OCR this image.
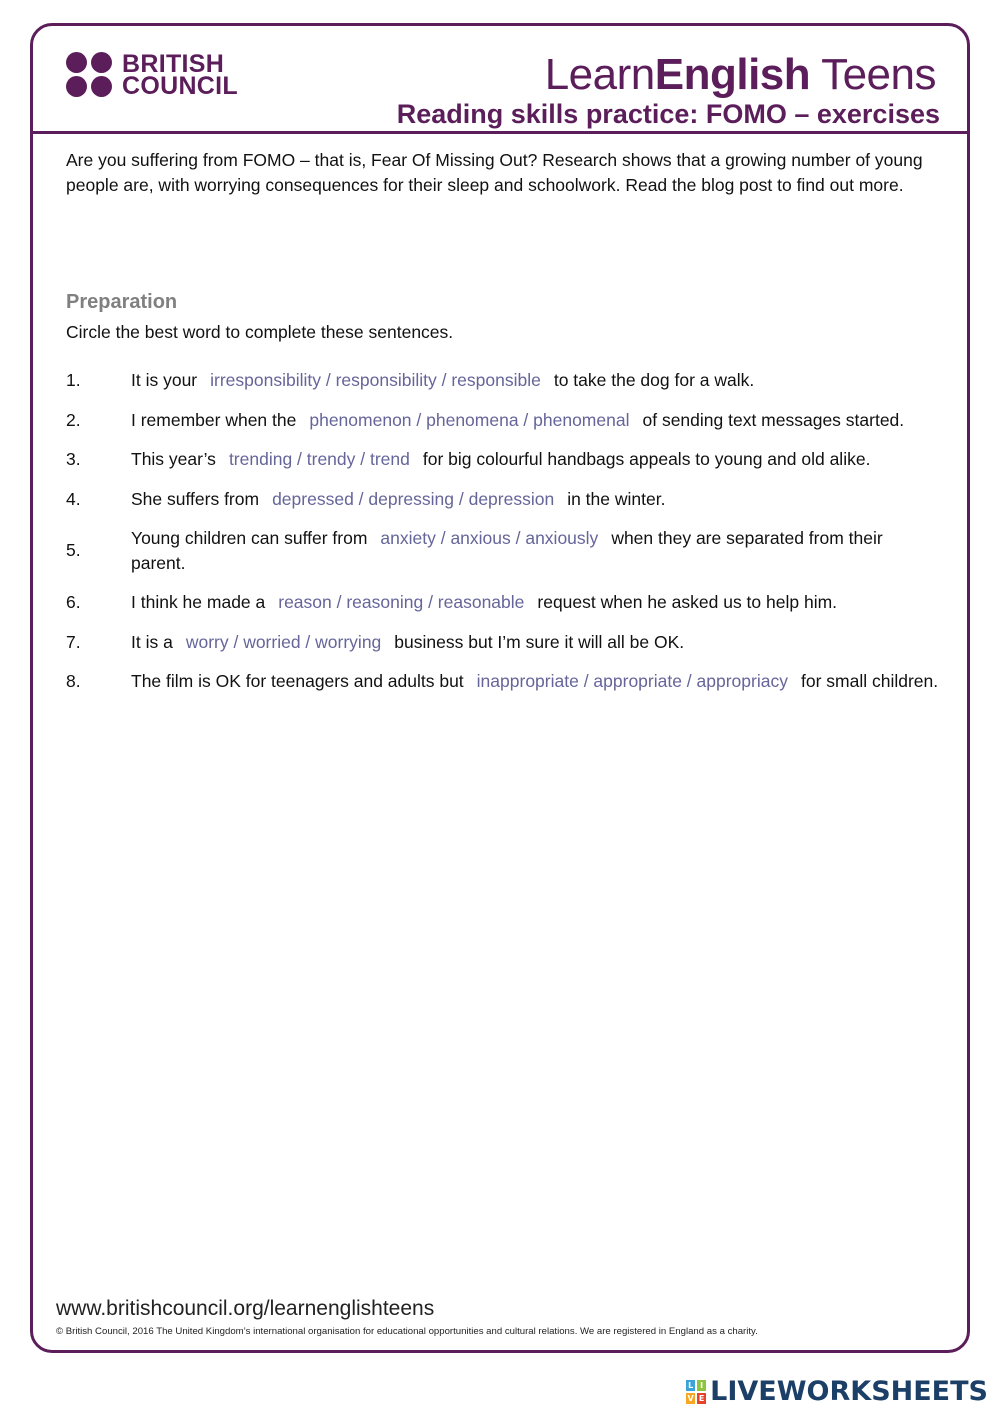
BRITISH
COUNCIL	LearnEnglish Teens
Reading skills practice: FOMO – exercises
Are you suffering from FOMO – that is, Fear Of Missing Out? Research shows that a growing number of young people are, with worrying consequences for their sleep and schoolwork. Read the blog post to find out more.
Preparation
Circle the best word to complete these sentences.
1.	It is your irresponsibility / responsibility / responsible to take the dog for a walk.
2.	I remember when the phenomenon / phenomena / phenomenal of sending text messages started.
3.	This year’s trending / trendy / trend for big colourful handbags appeals to young and old alike.
4.	She suffers from depressed / depressing / depression in the winter.
5.
Young children can suffer from anxiety / anxious / anxiously when they are separated from their parent.
6.	I think he made a reason / reasoning / reasonable request when he asked us to help him.
7.	It is a worry / worried / worrying business but I’m sure it will all be OK.
8.	The film is OK for teenagers and adults but inappropriate / appropriate / appropriacy for small children.
www.britishcouncil.org/learnenglishteens
© British Council, 2016 The United Kingdom’s international organisation for educational opportunities and cultural relations. We are registered in England as a charity.
L I
V E LIVEWORKSHEETS
